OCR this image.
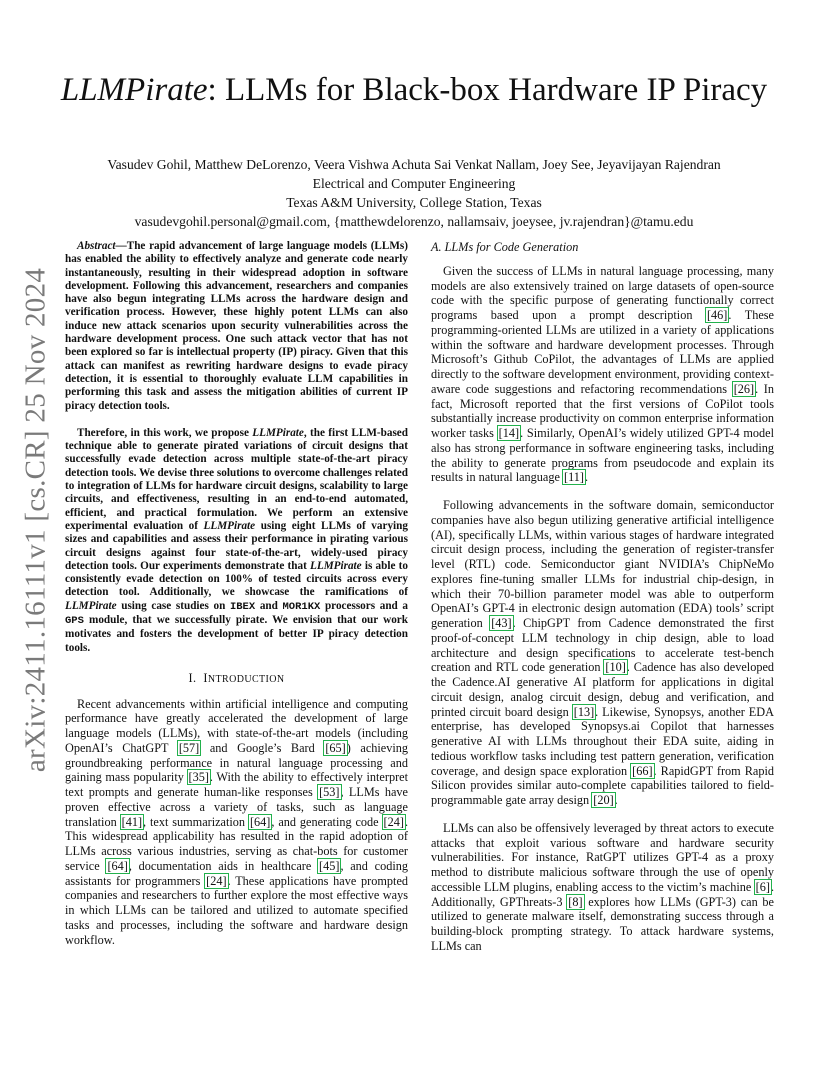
arXiv:2411.16111v1 [cs.CR] 25 Nov 2024
LLMPirate: LLMs for Black-box Hardware IP Piracy
Vasudev Gohil, Matthew DeLorenzo, Veera Vishwa Achuta Sai Venkat Nallam, Joey See, Jeyavijayan Rajendran
Electrical and Computer Engineering
Texas A&M University, College Station, Texas
vasudevgohil.personal@gmail.com, {matthewdelorenzo, nallamsaiv, joeysee, jv.rajendran}@tamu.edu

Abstract—The rapid advancement of large language models (LLMs) has enabled the ability to effectively analyze and generate code nearly instantaneously, resulting in their widespread adoption in software development. Following this advancement, researchers and companies have also begun integrating LLMs across the hardware design and verification process. However, these highly potent LLMs can also induce new attack scenarios upon security vulnerabilities across the hardware development process. One such attack vector that has not been explored so far is intellectual property (IP) piracy. Given that this attack can manifest as rewriting hardware designs to evade piracy detection, it is essential to thoroughly evaluate LLM capabilities in performing this task and assess the mitigation abilities of current IP piracy detection tools.

Therefore, in this work, we propose LLMPirate, the first LLM-based technique able to generate pirated variations of circuit designs that successfully evade detection across multiple state-of-the-art piracy detection tools. We devise three solutions to overcome challenges related to integration of LLMs for hardware circuit designs, scalability to large circuits, and effectiveness, resulting in an end-to-end automated, efficient, and practical formulation. We perform an extensive experimental evaluation of LLMPirate using eight LLMs of varying sizes and capabilities and assess their performance in pirating various circuit designs against four state-of-the-art, widely-used piracy detection tools. Our experiments demonstrate that LLMPirate is able to consistently evade detection on 100% of tested circuits across every detection tool. Additionally, we showcase the ramifications of LLMPirate using case studies on IBEX and MOR1KX processors and a GPS module, that we successfully pirate. We envision that our work motivates and fosters the development of better IP piracy detection tools.

I. INTRODUCTION

Recent advancements within artificial intelligence and computing performance have greatly accelerated the development of large language models (LLMs), with state-of-the-art models (including OpenAI’s ChatGPT [57] and Google’s Bard [65]) achieving groundbreaking performance in natural language processing and gaining mass popularity [35]. With the ability to effectively interpret text prompts and generate human-like responses [53], LLMs have proven effective across a variety of tasks, such as language translation [41], text summarization [64], and generating code [24]. This widespread applicability has resulted in the rapid adoption of LLMs across various industries, serving as chat-bots for customer service [64], documentation aids in healthcare [45], and coding assistants for programmers [24]. These applications have prompted companies and researchers to further explore the most effective ways in which LLMs can be tailored and utilized to automate specified tasks and processes, including the software and hardware design workflow.

A. LLMs for Code Generation

Given the success of LLMs in natural language processing, many models are also extensively trained on large datasets of open-source code with the specific purpose of generating functionally correct programs based upon a prompt description [46]. These programming-oriented LLMs are utilized in a variety of applications within the software and hardware development processes. Through Microsoft’s Github CoPilot, the advantages of LLMs are applied directly to the software development environment, providing context-aware code suggestions and refactoring recommendations [26]. In fact, Microsoft reported that the first versions of CoPilot tools substantially increase productivity on common enterprise information worker tasks [14]. Similarly, OpenAI’s widely utilized GPT-4 model also has strong performance in software engineering tasks, including the ability to generate programs from pseudocode and explain its results in natural language [11].

Following advancements in the software domain, semiconductor companies have also begun utilizing generative artificial intelligence (AI), specifically LLMs, within various stages of hardware integrated circuit design process, including the generation of register-transfer level (RTL) code. Semiconductor giant NVIDIA’s ChipNeMo explores fine-tuning smaller LLMs for industrial chip-design, in which their 70-billion parameter model was able to outperform OpenAI’s GPT-4 in electronic design automation (EDA) tools’ script generation [43]. ChipGPT from Cadence demonstrated the first proof-of-concept LLM technology in chip design, able to load architecture and design specifications to accelerate test-bench creation and RTL code generation [10]. Cadence has also developed the Cadence.AI generative AI platform for applications in digital circuit design, analog circuit design, debug and verification, and printed circuit board design [13]. Likewise, Synopsys, another EDA enterprise, has developed Synopsys.ai Copilot that harnesses generative AI with LLMs throughout their EDA suite, aiding in tedious workflow tasks including test pattern generation, verification coverage, and design space exploration [66]. RapidGPT from Rapid Silicon provides similar auto-complete capabilities tailored to field-programmable gate array design [20].

LLMs can also be offensively leveraged by threat actors to execute attacks that exploit various software and hardware security vulnerabilities. For instance, RatGPT utilizes GPT-4 as a proxy method to distribute malicious software through the use of openly accessible LLM plugins, enabling access to the victim’s machine [6]. Additionally, GPThreats-3 [8] explores how LLMs (GPT-3) can be utilized to generate malware itself, demonstrating success through a building-block prompting strategy. To attack hardware systems, LLMs can
